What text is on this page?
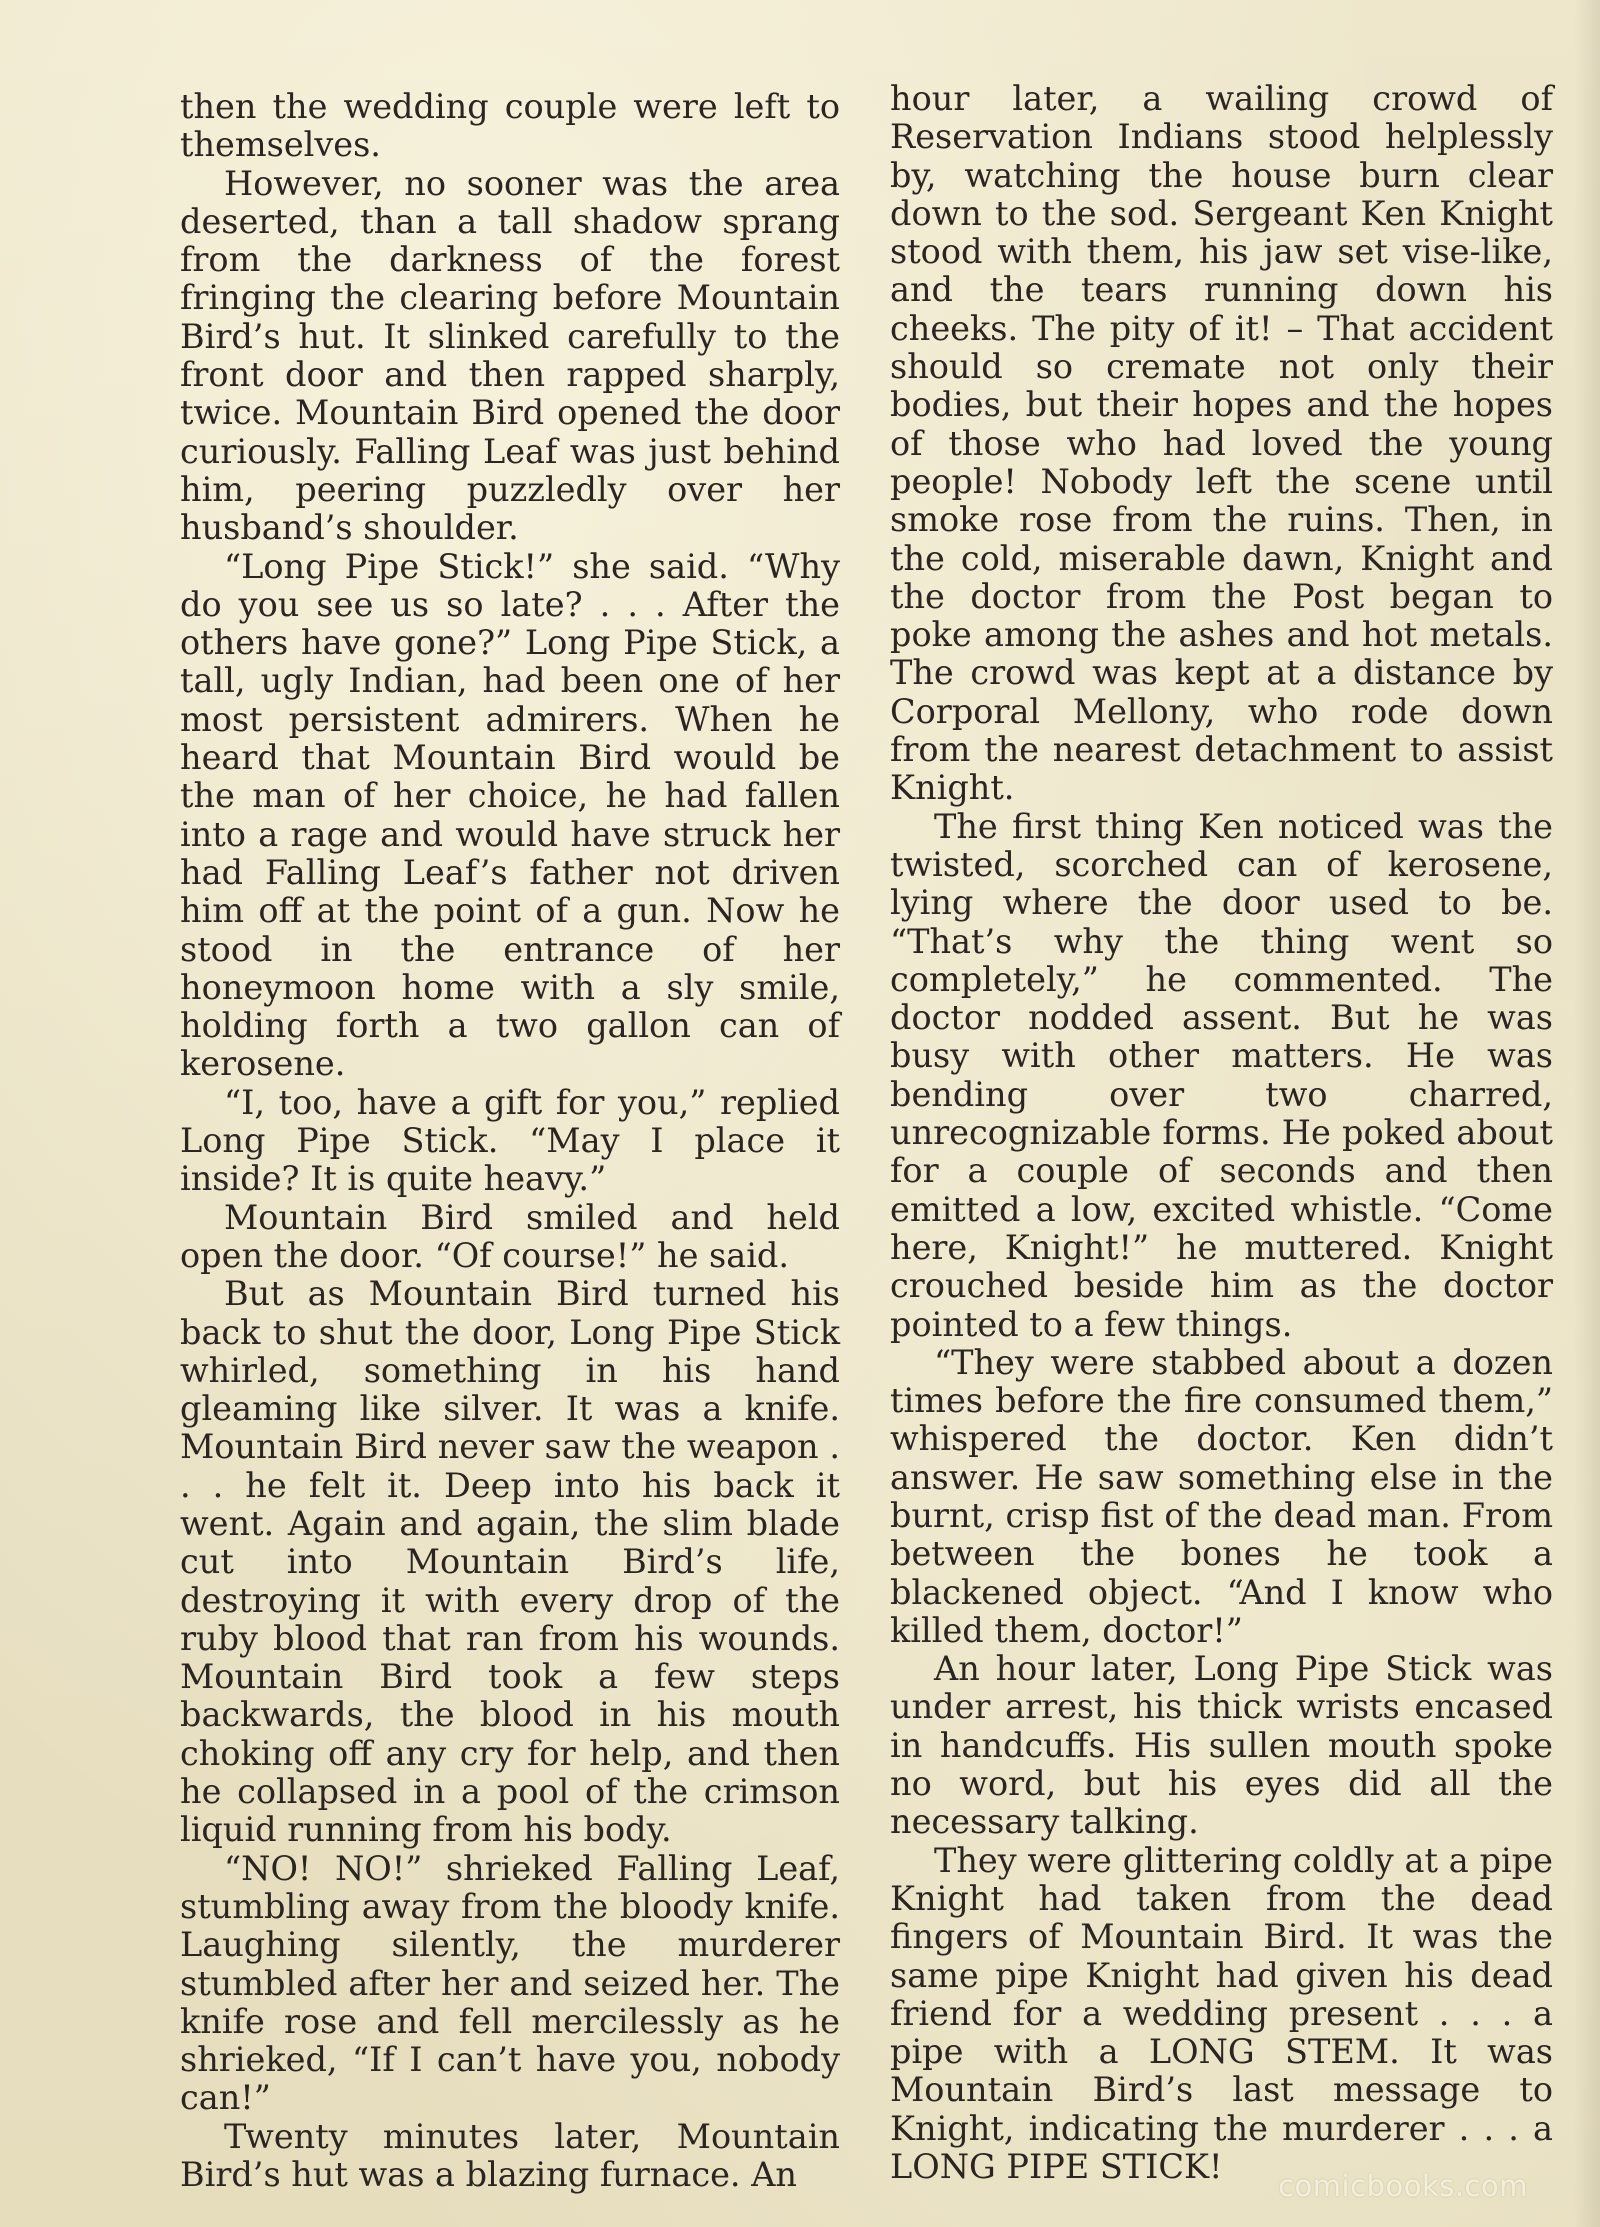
then the wedding couple were left to themselves.

However, no sooner was the area deserted, than a tall shadow sprang from the darkness of the forest fringing the clearing before Mountain Bird’s hut. It slinked carefully to the front door and then rapped sharply, twice. Mountain Bird opened the door curiously. Falling Leaf was just behind him, peering puzzledly over her husband’s shoulder.

“Long Pipe Stick!” she said. “Why do you see us so late? . . . After the others have gone?” Long Pipe Stick, a tall, ugly Indian, had been one of her most persistent admirers. When he heard that Mountain Bird would be the man of her choice, he had fallen into a rage and would have struck her had Falling Leaf’s father not driven him off at the point of a gun. Now he stood in the entrance of her honeymoon home with a sly smile, holding forth a two gallon can of kerosene.

“I, too, have a gift for you,” replied Long Pipe Stick. “May I place it inside? It is quite heavy.”

Mountain Bird smiled and held open the door. “Of course!” he said.

But as Mountain Bird turned his back to shut the door, Long Pipe Stick whirled, something in his hand gleaming like silver. It was a knife. Mountain Bird never saw the weapon . . . he felt it. Deep into his back it went. Again and again, the slim blade cut into Mountain Bird’s life, destroying it with every drop of the ruby blood that ran from his wounds. Mountain Bird took a few steps backwards, the blood in his mouth choking off any cry for help, and then he collapsed in a pool of the crimson liquid running from his body.

“NO! NO!” shrieked Falling Leaf, stumbling away from the bloody knife. Laughing silently, the murderer stumbled after her and seized her. The knife rose and fell mercilessly as he shrieked, “If I can’t have you, nobody can!”

Twenty minutes later, Mountain Bird’s hut was a blazing furnace. An

hour later, a wailing crowd of Reservation Indians stood helplessly by, watching the house burn clear down to the sod. Sergeant Ken Knight stood with them, his jaw set vise-like, and the tears running down his cheeks. The pity of it! – That accident should so cremate not only their bodies, but their hopes and the hopes of those who had loved the young people! Nobody left the scene until smoke rose from the ruins. Then, in the cold, miserable dawn, Knight and the doctor from the Post began to poke among the ashes and hot metals. The crowd was kept at a distance by Corporal Mellony, who rode down from the nearest detachment to assist Knight.

The first thing Ken noticed was the twisted, scorched can of kerosene, lying where the door used to be. “That’s why the thing went so completely,” he commented. The doctor nodded assent. But he was busy with other matters. He was bending over two charred, unrecognizable forms. He poked about for a couple of seconds and then emitted a low, excited whistle. “Come here, Knight!” he muttered. Knight crouched beside him as the doctor pointed to a few things.

“They were stabbed about a dozen times before the fire consumed them,” whispered the doctor. Ken didn’t answer. He saw something else in the burnt, crisp fist of the dead man. From between the bones he took a blackened object. “And I know who killed them, doctor!”

An hour later, Long Pipe Stick was under arrest, his thick wrists encased in handcuffs. His sullen mouth spoke no word, but his eyes did all the necessary talking.

They were glittering coldly at a pipe Knight had taken from the dead fingers of Mountain Bird. It was the same pipe Knight had given his dead friend for a wedding present . . . a pipe with a LONG STEM. It was Mountain Bird’s last message to Knight, indicating the murderer . . . a LONG PIPE STICK!	comicbooks.com
